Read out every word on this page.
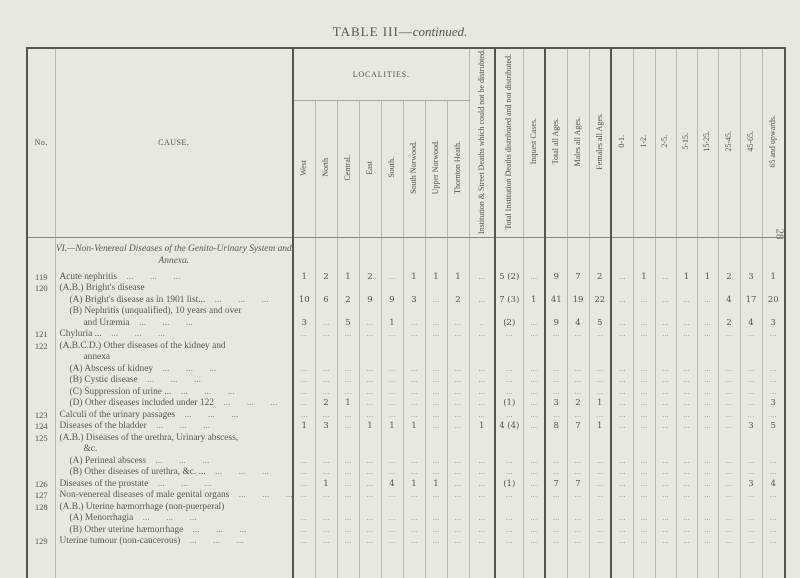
TABLE III—continued.
28
No.	CAUSE.	LOCALITIES.								Institution & Street Deaths which could not be distrubted.	Total Institution Deaths distributed and not distributed.	Inquest Cases.	Total all Ages.	Males all Ages.	Females all Ages.	0-1.	1-2.	2-5.	5-15.	15-25.	25-45.	45-65.	65 and upwards.
		West	North	Central.	East	South.	South Norwood.	Upper Norwood.	Thornton Heath.														
	VI.—Non-Venereal Diseases of the Genito-Urinary System and Annexa.																						
119	Acute nephritis    ...       ...       ...	1	2	1	2	...	1	1	1	...	5 (2)	...	9	7	2	...	1	...	1	1	2	3	1
120	(A.B.) Bright's disease																						
	(A) Bright's disease as in 1901 list...    ...       ...       ...	10	6	2	9	9	3	...	2	...	7 (3)	1	41	19	22	...	...	...	...	...	4	17	20
	(B) Nephritis (unqualified), 10 years and over																						
	and Uræmia    ...       ...       ...	3	...	5	...	1	...	...	...	..	(2)	...	9	4	5	...	...	...	...	...	2	4	3
121	Chyluria ...    ...       ...       ...	...	...	...	...	...	...	...	...	...	...	...	...	...	...	...	...	...	...	...	...	...	...
122	(A.B.C.D.) Other diseases of the kidney and																						
	annexa																						
	(A) Abscess of kidney    ...       ...       ...	...	...	...	...	...	...	...	...	...	...	...	...	...	...	...	...	...	...	...	...	...	...
	(B) Cystic disease    ...       ...       ...	...	...	...	...	...	...	...	...	...	...	...	...	...	...	...	...	...	...	...	...	...	...
	(C) Suppression of urine ...    ...       ...       ...	...	...	...	...	...	...	...	...	...	...	...	...	...	...	...	...	...	...	...	...	...	...
	(D) Other diseases included under 122    ...       ...       ...	...	2	1	...	...	...	...	...	...	(1)	...	3	2	1	...	...	...	...	...	...	...	3
123	Calculi of the urinary passages    ...       ...       ...	...	...	...	...	...	...	...	...	...	...	...	...	...	...	...	...	...	...	...	...	...	...
124	Diseases of the bladder    ...       ...       ...	1	3	...	1	1	1	...	...	1	4 (4)	...	8	7	1	...	...	...	...	...	...	3	5
125	(A.B.) Diseases of the urethra, Urinary abscess,																						
	&c.																						
	(A) Perineal abscess    ...       ...       ...	...	...	...	...	...	...	...	...	...	...	...	...	...	...	...	...	...	...	...	...	...	...
	(B) Other diseases of urethra, &c. ...    ...       ...       ...	...	...	...	...	...	...	...	...	...	...	...	...	...	...	...	...	...	...	...	...	...	...
126	Diseases of the prostate    ...       ...       ...	...	1	...	...	4	1	1	...	...	(1)	...	7	7	...	...	...	...	...	...	...	3	4
127	Non-venereal diseases of male genital organs    ...       ...       ...	...	...	...	...	...	...	...	...	...	...	...	...	...	...	...	...	...	...	...	...	...	...
128	(A.B.) Uterine hæmorrhage (non-puerperal)																						
	(A) Menorrhagia    ...       ...       ...	...	...	...	...	...	...	...	...	...	...	...	...	...	...	...	...	...	...	...	...	...	...
	(B) Other uterine hæmorrhage    ...       ...       ...	...	...	...	...	...	...	...	...	...	...	...	...	...	...	...	...	...	...	...	...	...	...
129	Uterine tumour (non-cancerous)    ...       ...       ...	...	...	...	...	...	...	...	...	...	...	...	...	...	...	...	...	...	...	...	...	...	...
